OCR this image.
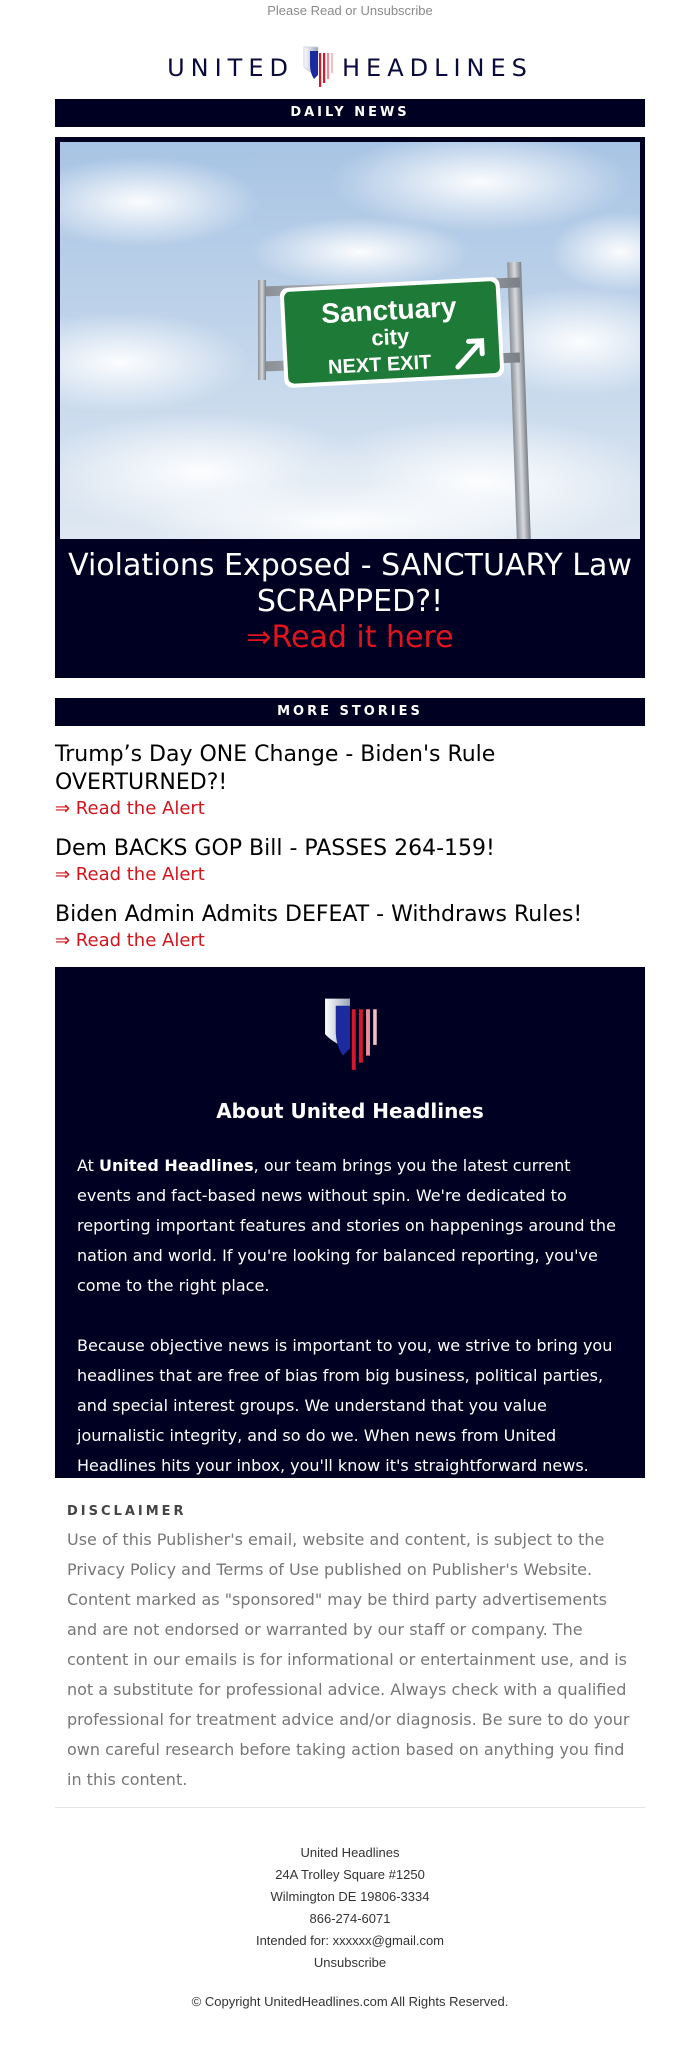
Please Read or Unsubscribe
UNITED HEADLINES
DAILY NEWS
Sanctuary
city
NEXT EXIT
Violations Exposed - SANCTUARY Law SCRAPPED?!
⇒Read it here
MORE STORIES
Trump’s Day ONE Change - Biden's Rule OVERTURNED?!
⇒ Read the Alert
Dem BACKS GOP Bill - PASSES 264-159!
⇒ Read the Alert
Biden Admin Admits DEFEAT - Withdraws Rules!
⇒ Read the Alert
About United Headlines

At United Headlines, our team brings you the latest current events and fact-based news without spin. We're dedicated to reporting important features and stories on happenings around the nation and world. If you're looking for balanced reporting, you've come to the right place.

Because objective news is important to you, we strive to bring you headlines that are free of bias from big business, political parties, and special interest groups. We understand that you value journalistic integrity, and so do we. When news from United Headlines hits your inbox, you'll know it's straightforward news. We'll never try to sway your opinions.

DISCLAIMER
Use of this Publisher's email, website and content, is subject to the Privacy Policy and Terms of Use published on Publisher's Website. Content marked as "sponsored" may be third party advertisements and are not endorsed or warranted by our staff or company. The content in our emails is for informational or entertainment use, and is not a substitute for professional advice. Always check with a qualified professional for treatment advice and/or diagnosis. Be sure to do your own careful research before taking action based on anything you find in this content.
United Headlines
24A Trolley Square #1250
Wilmington DE 19806-3334
866-274-6071
Intended for: xxxxxx@gmail.com
Unsubscribe
© Copyright UnitedHeadlines.com All Rights Reserved.
